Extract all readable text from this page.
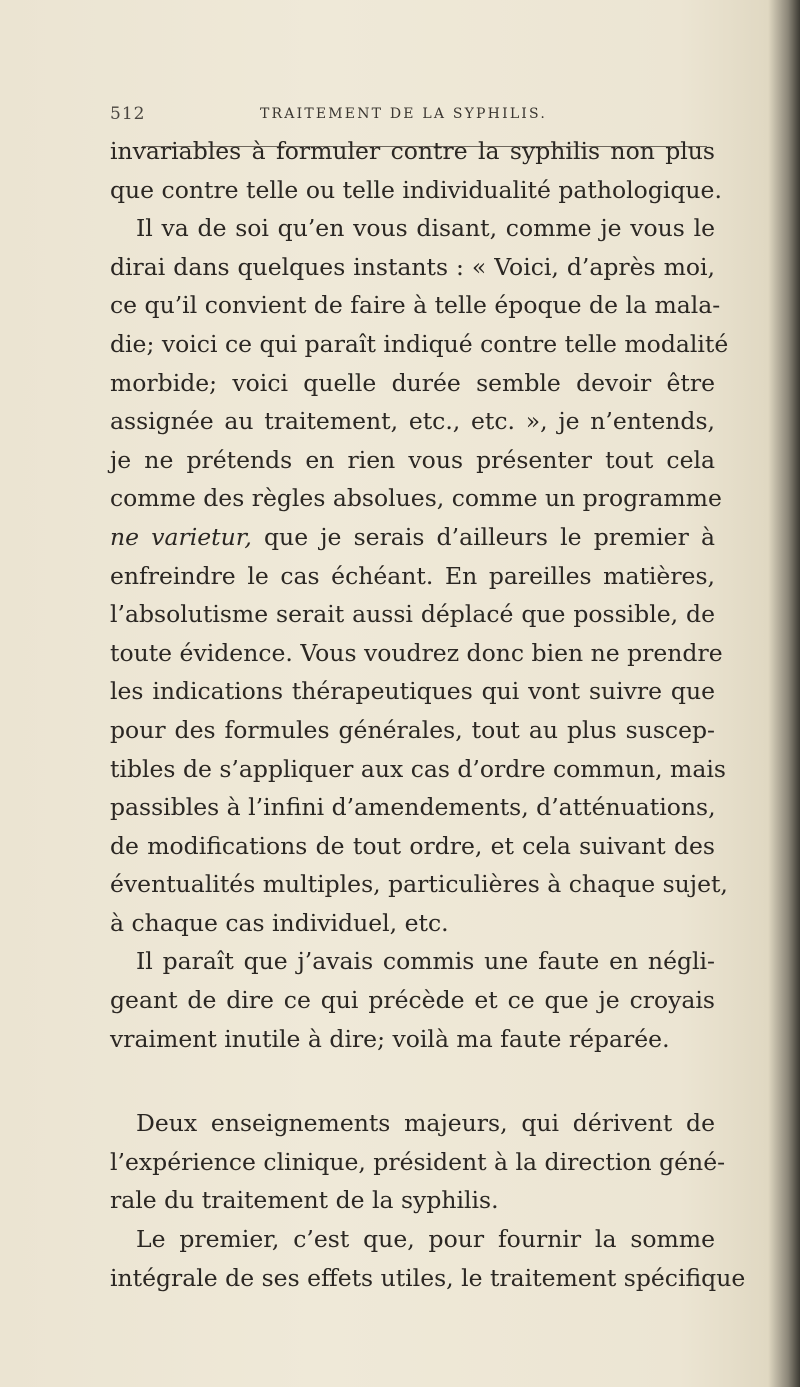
512	TRAITEMENT DE LA SYPHILIS.
invariables à formuler contre la syphilis non plus
que contre telle ou telle individualité pathologique.
Il va de soi qu’en vous disant, comme je vous le
dirai dans quelques instants : « Voici, d’après moi,
ce qu’il convient de faire à telle époque de la mala-
die; voici ce qui paraît indiqué contre telle modalité
morbide; voici quelle durée semble devoir être
assignée au traitement, etc., etc. », je n’entends,
je ne prétends en rien vous présenter tout cela
comme des règles absolues, comme un programme
ne varietur, que je serais d’ailleurs le premier à
enfreindre le cas échéant. En pareilles matières,
l’absolutisme serait aussi déplacé que possible, de
toute évidence. Vous voudrez donc bien ne prendre
les indications thérapeutiques qui vont suivre que
pour des formules générales, tout au plus suscep-
tibles de s’appliquer aux cas d’ordre commun, mais
passibles à l’infini d’amendements, d’atténuations,
de modifications de tout ordre, et cela suivant des
éventualités multiples, particulières à chaque sujet,
à chaque cas individuel, etc.
Il paraît que j’avais commis une faute en négli-
geant de dire ce qui précède et ce que je croyais
vraiment inutile à dire; voilà ma faute réparée.
Deux enseignements majeurs, qui dérivent de
l’expérience clinique, président à la direction géné-
rale du traitement de la syphilis.
Le premier, c’est que, pour fournir la somme
intégrale de ses effets utiles, le traitement spécifique
